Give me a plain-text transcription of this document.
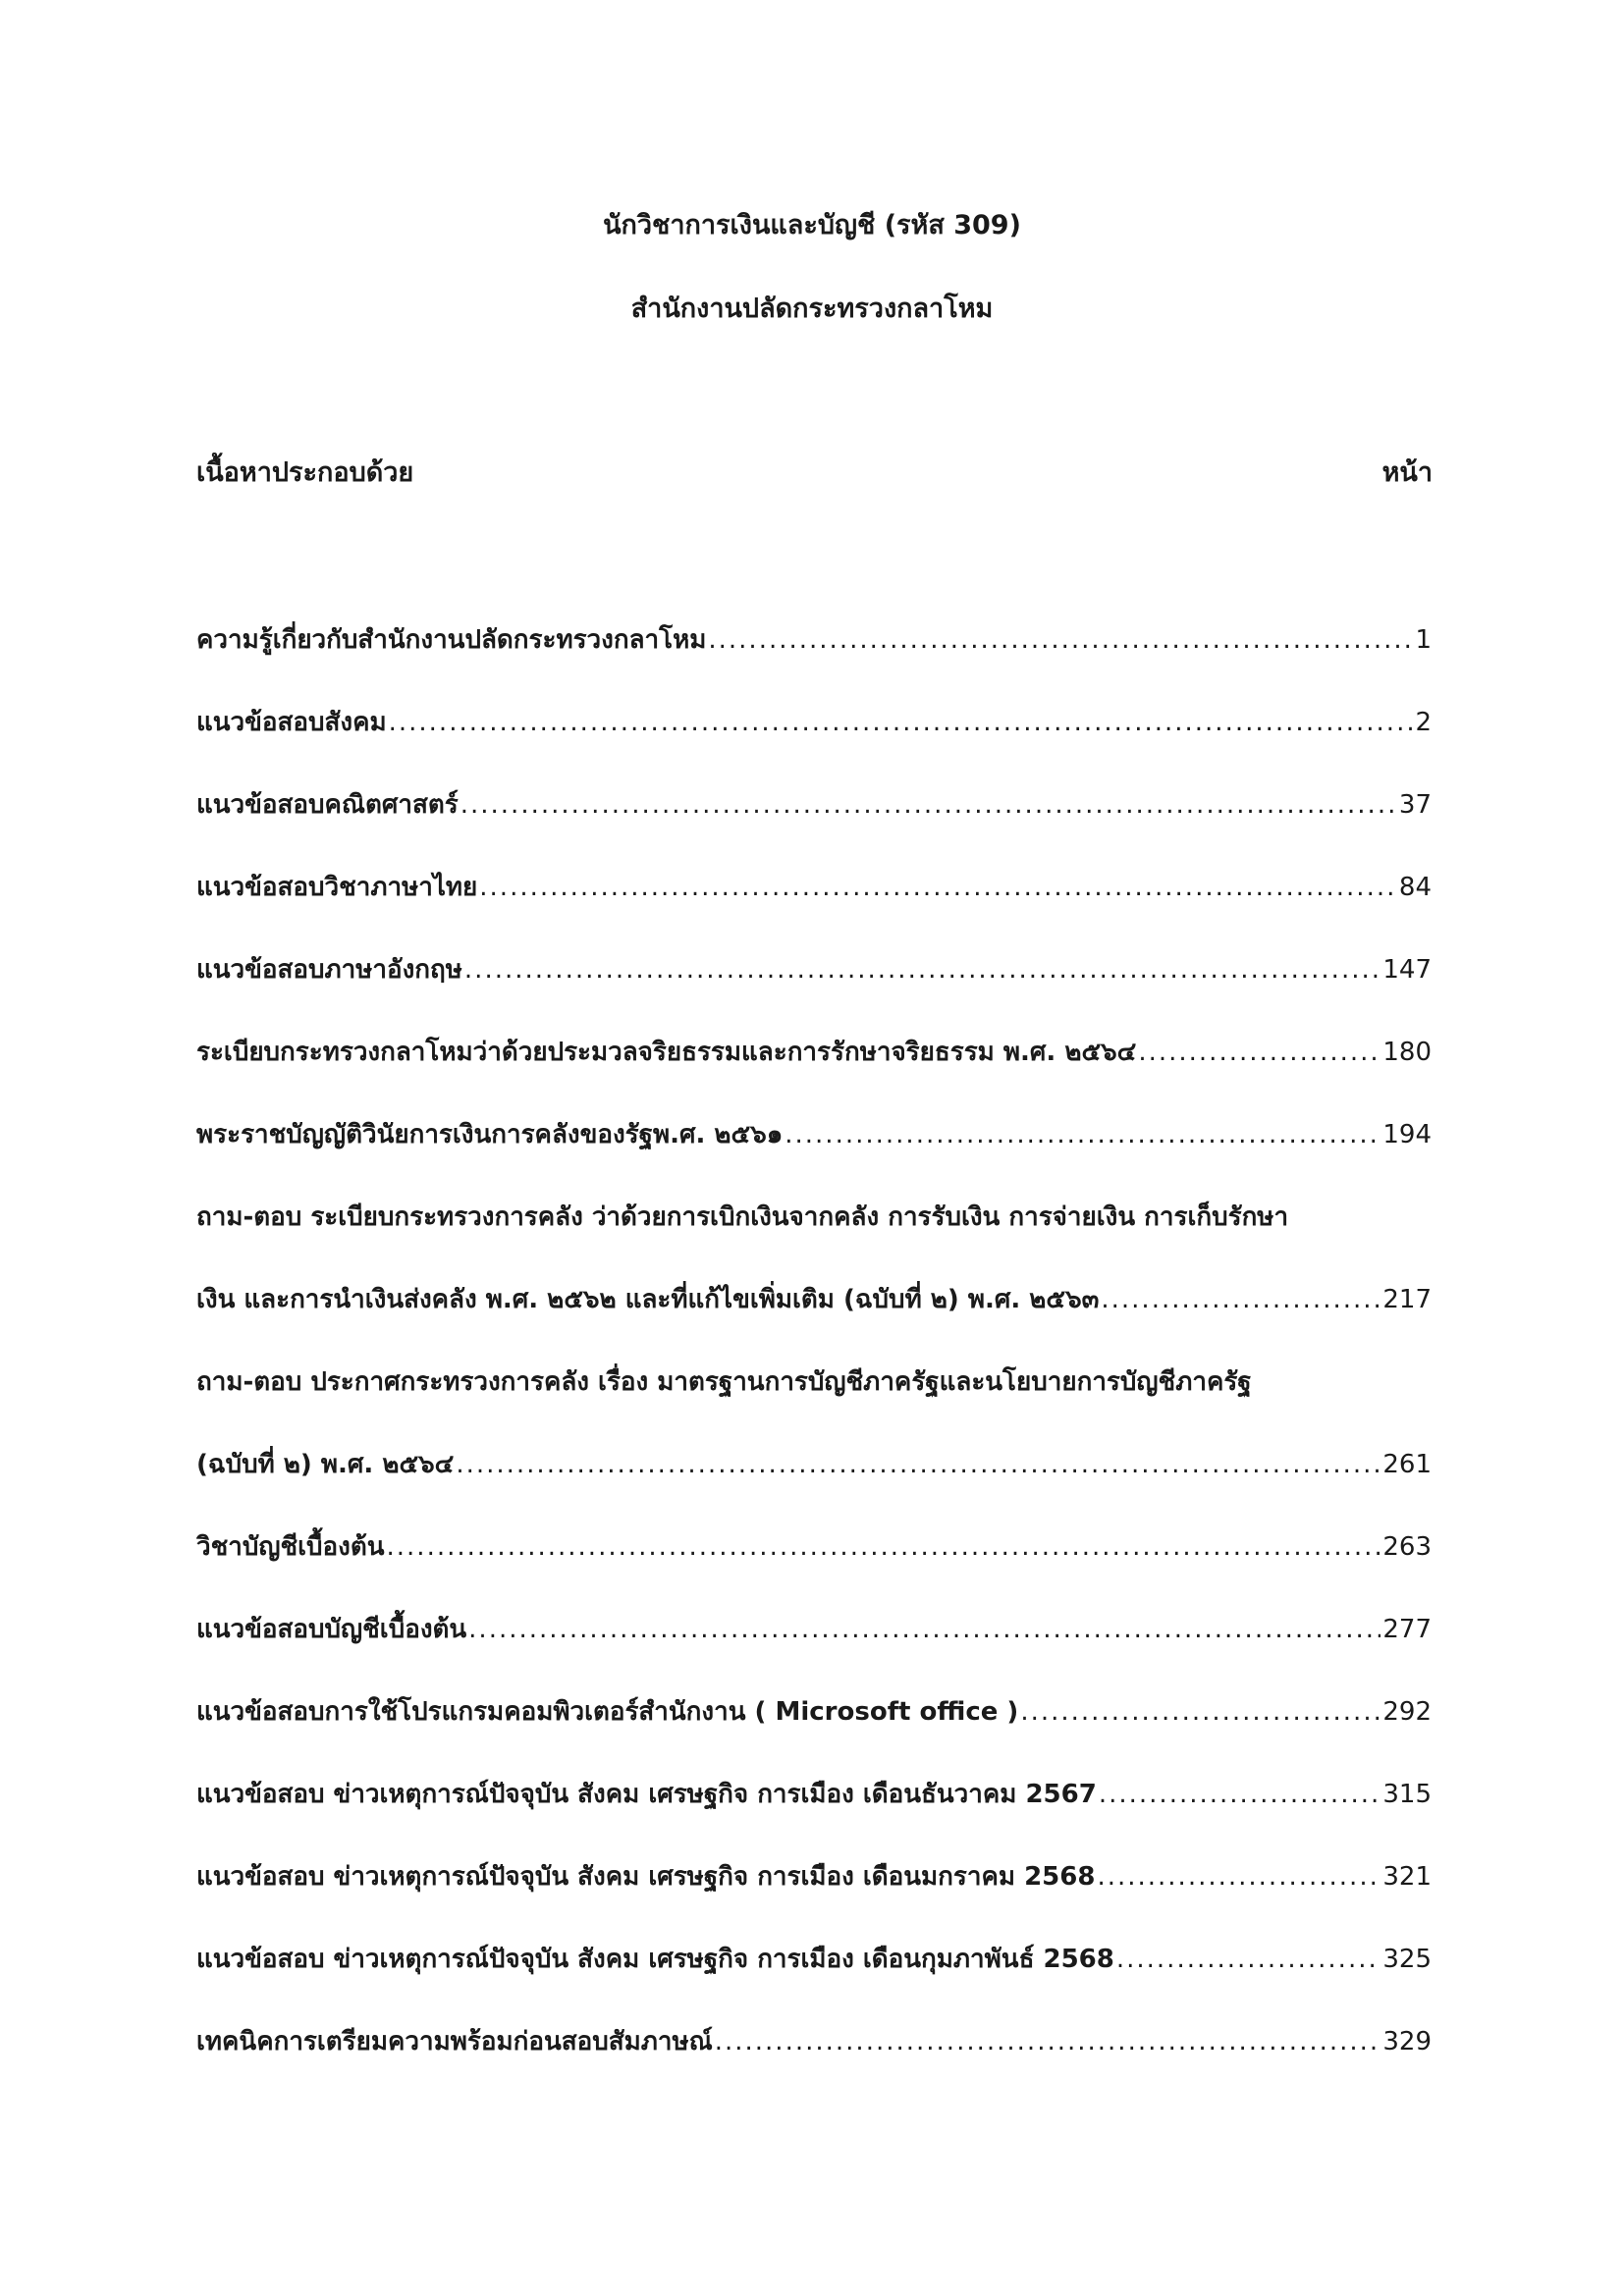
นักวิชาการเงินและบัญชี (รหัส 309)
สำนักงานปลัดกระทรวงกลาโหม
เนื้อหาประกอบด้วย	หน้า
ความรู้เกี่ยวกับสำนักงานปลัดกระทรวงกลาโหม .....	1
แนวข้อสอบสังคม .....	2
แนวข้อสอบคณิตศาสตร์ .....	37
แนวข้อสอบวิชาภาษาไทย .....	84
แนวข้อสอบภาษาอังกฤษ .....	147
ระเบียบกระทรวงกลาโหมว่าด้วยประมวลจริยธรรมและการรักษาจริยธรรม พ.ศ. ๒๕๖๔ .....	180
พระราชบัญญัติวินัยการเงินการคลังของรัฐพ.ศ. ๒๕๖๑ .....	194
ถาม-ตอบ ระเบียบกระทรวงการคลัง ว่าด้วยการเบิกเงินจากคลัง การรับเงิน การจ่ายเงิน การเก็บรักษา
เงิน และการนำเงินส่งคลัง พ.ศ. ๒๕๖๒ และที่แก้ไขเพิ่มเติม (ฉบับที่ ๒) พ.ศ. ๒๕๖๓ .....	217
ถาม-ตอบ ประกาศกระทรวงการคลัง เรื่อง มาตรฐานการบัญชีภาครัฐและนโยบายการบัญชีภาครัฐ
(ฉบับที่ ๒) พ.ศ. ๒๕๖๔ .....	261
วิชาบัญชีเบื้องต้น .....	263
แนวข้อสอบบัญชีเบื้องต้น .....	277
แนวข้อสอบการใช้โปรแกรมคอมพิวเตอร์สำนักงาน ( Microsoft office ) .....	292
แนวข้อสอบ ข่าวเหตุการณ์ปัจจุบัน สังคม เศรษฐกิจ การเมือง เดือนธันวาคม 2567 .....	315
แนวข้อสอบ ข่าวเหตุการณ์ปัจจุบัน สังคม เศรษฐกิจ การเมือง เดือนมกราคม 2568 .....	321
แนวข้อสอบ ข่าวเหตุการณ์ปัจจุบัน สังคม เศรษฐกิจ การเมือง เดือนกุมภาพันธ์ 2568 .....	325
เทคนิคการเตรียมความพร้อมก่อนสอบสัมภาษณ์ .....	329
